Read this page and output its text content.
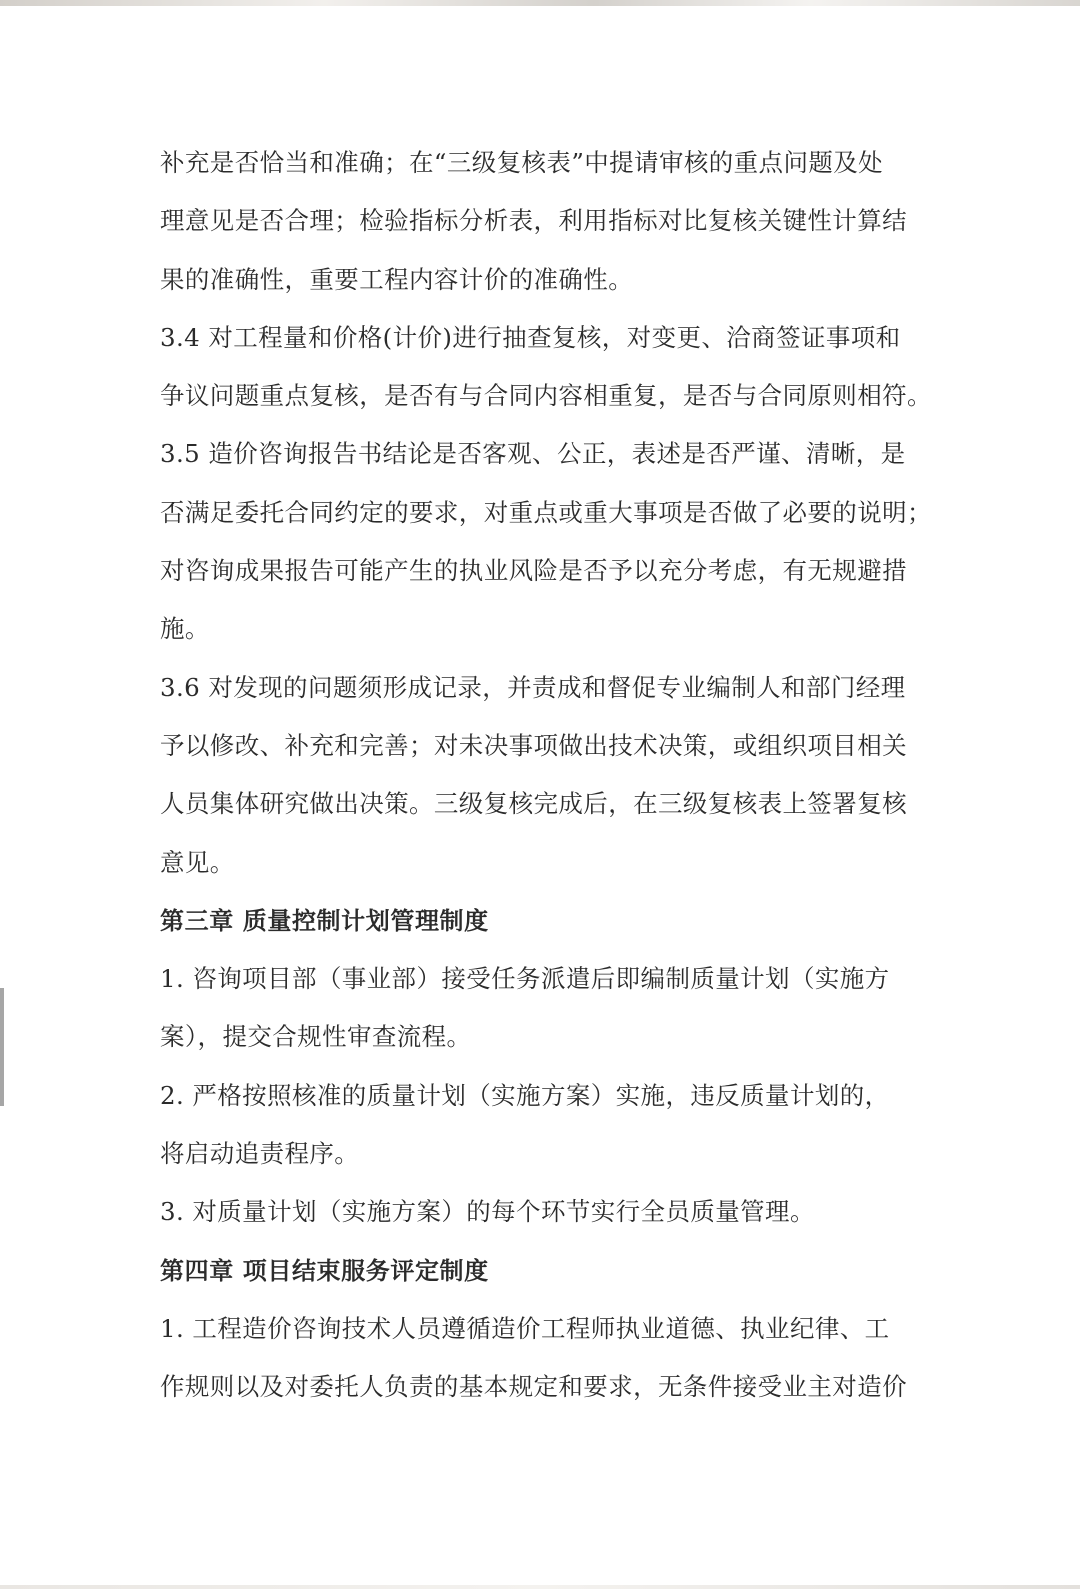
补充是否恰当和准确；在“三级复核表”中提请审核的重点问题及处
理意见是否合理；检验指标分析表，利用指标对比复核关键性计算结
果的准确性，重要工程内容计价的准确性。
3.4 对工程量和价格(计价)进行抽查复核，对变更、洽商签证事项和
争议问题重点复核，是否有与合同内容相重复，是否与合同原则相符。
3.5 造价咨询报告书结论是否客观、公正，表述是否严谨、清晰，是
否满足委托合同约定的要求，对重点或重大事项是否做了必要的说明；
对咨询成果报告可能产生的执业风险是否予以充分考虑，有无规避措
施。
3.6 对发现的问题须形成记录，并责成和督促专业编制人和部门经理
予以修改、补充和完善；对未决事项做出技术决策，或组织项目相关
人员集体研究做出决策。三级复核完成后，在三级复核表上签署复核
意见。
第三章 质量控制计划管理制度
1. 咨询项目部（事业部）接受任务派遣后即编制质量计划（实施方
案），提交合规性审查流程。
2. 严格按照核准的质量计划（实施方案）实施，违反质量计划的，
将启动追责程序。
3. 对质量计划（实施方案）的每个环节实行全员质量管理。
第四章 项目结束服务评定制度
1. 工程造价咨询技术人员遵循造价工程师执业道德、执业纪律、工
作规则以及对委托人负责的基本规定和要求，无条件接受业主对造价
